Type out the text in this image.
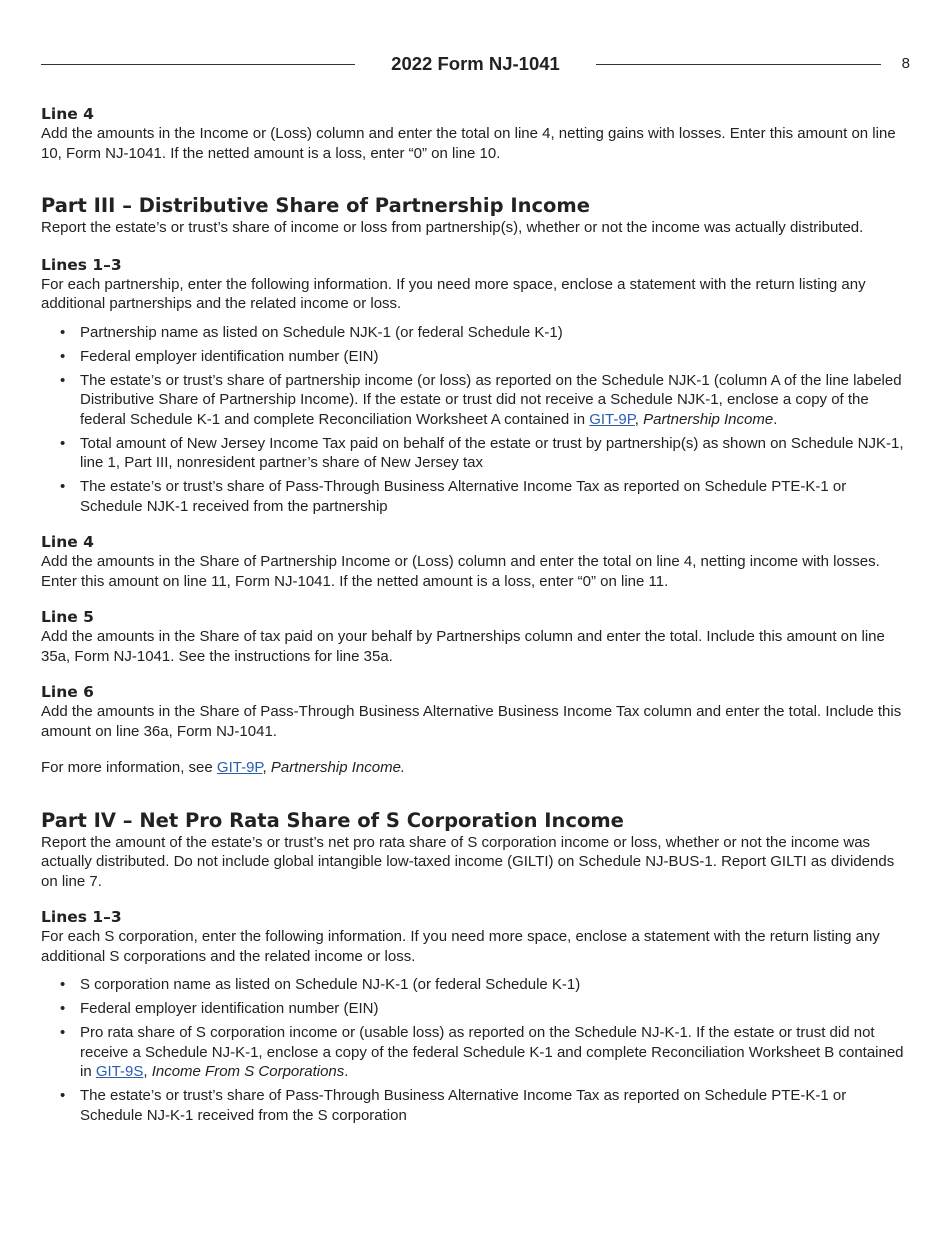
2022 Form NJ-1041	8
Line 4

Add the amounts in the Income or (Loss) column and enter the total on line 4, netting gains with losses. Enter this amount on line 10, Form NJ-1041. If the netted amount is a loss, enter “0” on line 10.

Part III – Distributive Share of Partnership Income

Report the estate’s or trust’s share of income or loss from partnership(s), whether or not the income was actually distributed.

Lines 1–3

For each partnership, enter the following information. If you need more space, enclose a statement with the return listing any additional partnerships and the related income or loss.

• Partnership name as listed on Schedule NJK-1 (or federal Schedule K-1)
• Federal employer identification number (EIN)
• The estate’s or trust’s share of partnership income (or loss) as reported on the Schedule NJK-1 (column A of the line labeled Distributive Share of Partnership Income). If the estate or trust did not receive a Schedule NJK-1, enclose a copy of the federal Schedule K-1 and complete Reconciliation Worksheet A contained in GIT-9P, Partnership Income.
• Total amount of New Jersey Income Tax paid on behalf of the estate or trust by partnership(s) as shown on Schedule NJK-1, line 1, Part III, nonresident partner’s share of New Jersey tax
• The estate’s or trust’s share of Pass-Through Business Alternative Income Tax as reported on Schedule PTE-K-1 or Schedule NJK-1 received from the partnership
Line 4

Add the amounts in the Share of Partnership Income or (Loss) column and enter the total on line 4, netting income with losses. Enter this amount on line 11, Form NJ-1041. If the netted amount is a loss, enter “0” on line 11.

Line 5

Add the amounts in the Share of tax paid on your behalf by Partnerships column and enter the total. Include this amount on line 35a, Form NJ-1041. See the instructions for line 35a.

Line 6

Add the amounts in the Share of Pass-Through Business Alternative Business Income Tax column and enter the total. Include this amount on line 36a, Form NJ-1041.

For more information, see GIT-9P, Partnership Income.

Part IV – Net Pro Rata Share of S Corporation Income

Report the amount of the estate’s or trust’s net pro rata share of S corporation income or loss, whether or not the income was actually distributed. Do not include global intangible low-taxed income (GILTI) on Schedule NJ-BUS-1. Report GILTI as dividends on line 7.

Lines 1–3

For each S corporation, enter the following information. If you need more space, enclose a statement with the return listing any additional S corporations and the related income or loss.

• S corporation name as listed on Schedule NJ-K-1 (or federal Schedule K-1)
• Federal employer identification number (EIN)
• Pro rata share of S corporation income or (usable loss) as reported on the Schedule NJ-K-1. If the estate or trust did not receive a Schedule NJ-K-1, enclose a copy of the federal Schedule K-1 and complete Reconciliation Worksheet B contained in GIT-9S, Income From S Corporations.
• The estate’s or trust’s share of Pass-Through Business Alternative Income Tax as reported on Schedule PTE-K-1 or Schedule NJ-K-1 received from the S corporation
